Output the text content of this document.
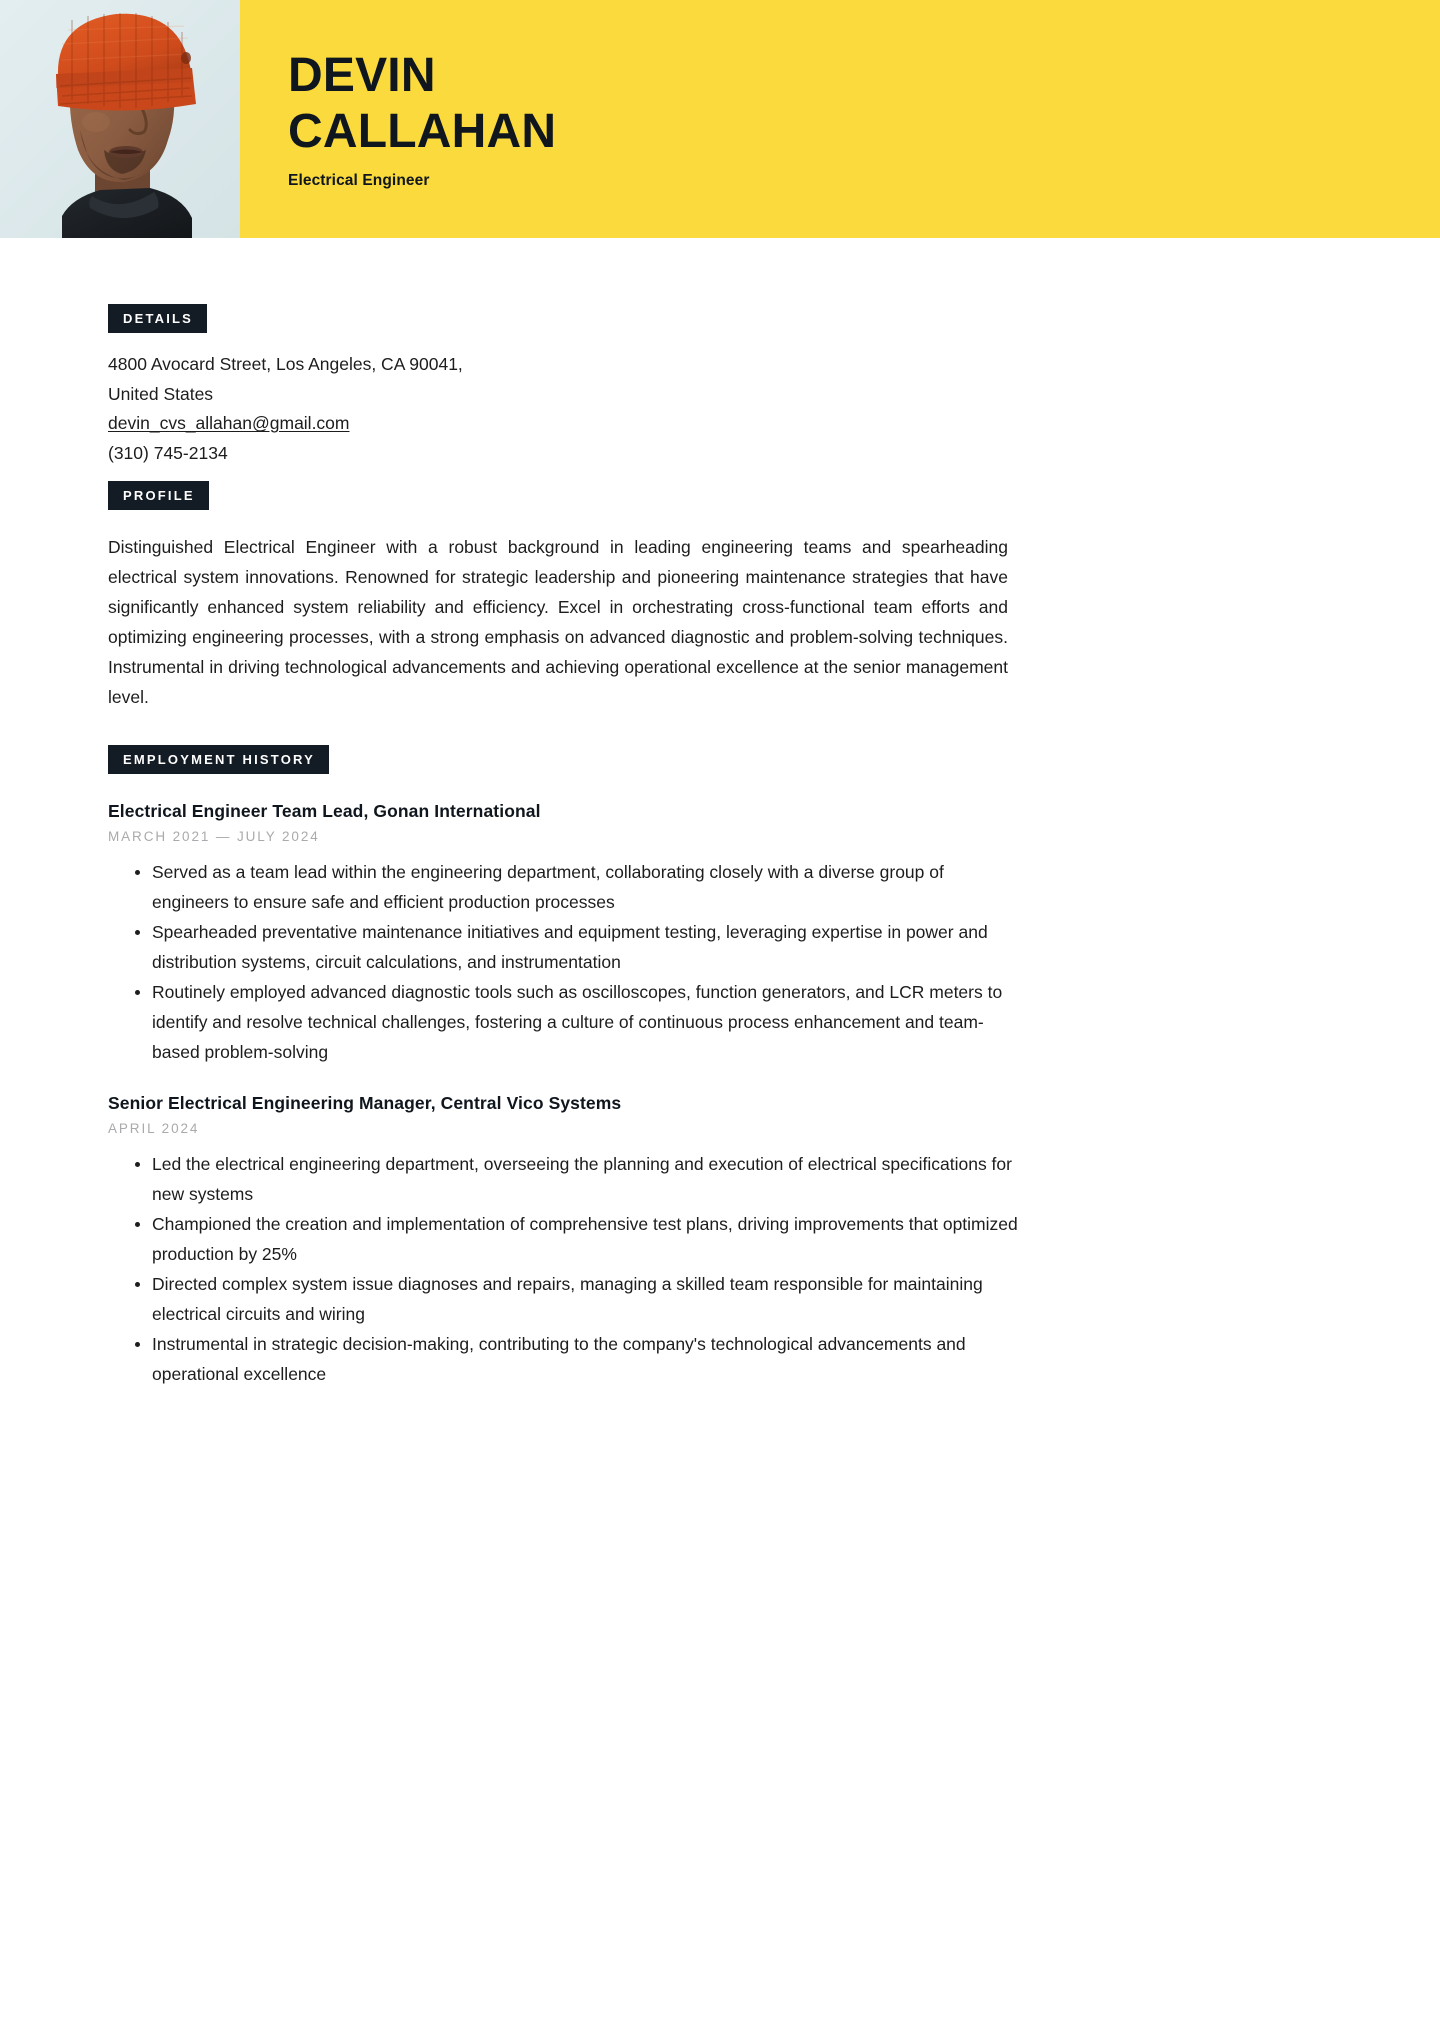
DEVIN
CALLAHAN
Electrical Engineer
DETAILS
4800 Avocard Street, Los Angeles, CA 90041,
United States
devin_cvs_allahan@gmail.com
(310) 745-2134
PROFILE

Distinguished Electrical Engineer with a robust background in leading engineering teams and spearheading electrical system innovations. Renowned for strategic leadership and pioneering maintenance strategies that have significantly enhanced system reliability and efficiency. Excel in orchestrating cross-functional team efforts and optimizing engineering processes, with a strong emphasis on advanced diagnostic and problem-solving techniques. Instrumental in driving technological advancements and achieving operational excellence at the senior management level.

EMPLOYMENT HISTORY
Electrical Engineer Team Lead, Gonan International
MARCH 2021 — JULY 2024
Served as a team lead within the engineering department, collaborating closely with a diverse group of engineers to ensure safe and efficient production processes
Spearheaded preventative maintenance initiatives and equipment testing, leveraging expertise in power and distribution systems, circuit calculations, and instrumentation
Routinely employed advanced diagnostic tools such as oscilloscopes, function generators, and LCR meters to identify and resolve technical challenges, fostering a culture of continuous process enhancement and team-based problem-solving
Senior Electrical Engineering Manager, Central Vico Systems
APRIL 2024
Led the electrical engineering department, overseeing the planning and execution of electrical specifications for new systems
Championed the creation and implementation of comprehensive test plans, driving improvements that optimized production by 25%
Directed complex system issue diagnoses and repairs, managing a skilled team responsible for maintaining electrical circuits and wiring
Instrumental in strategic decision-making, contributing to the company's technological advancements and operational excellence
